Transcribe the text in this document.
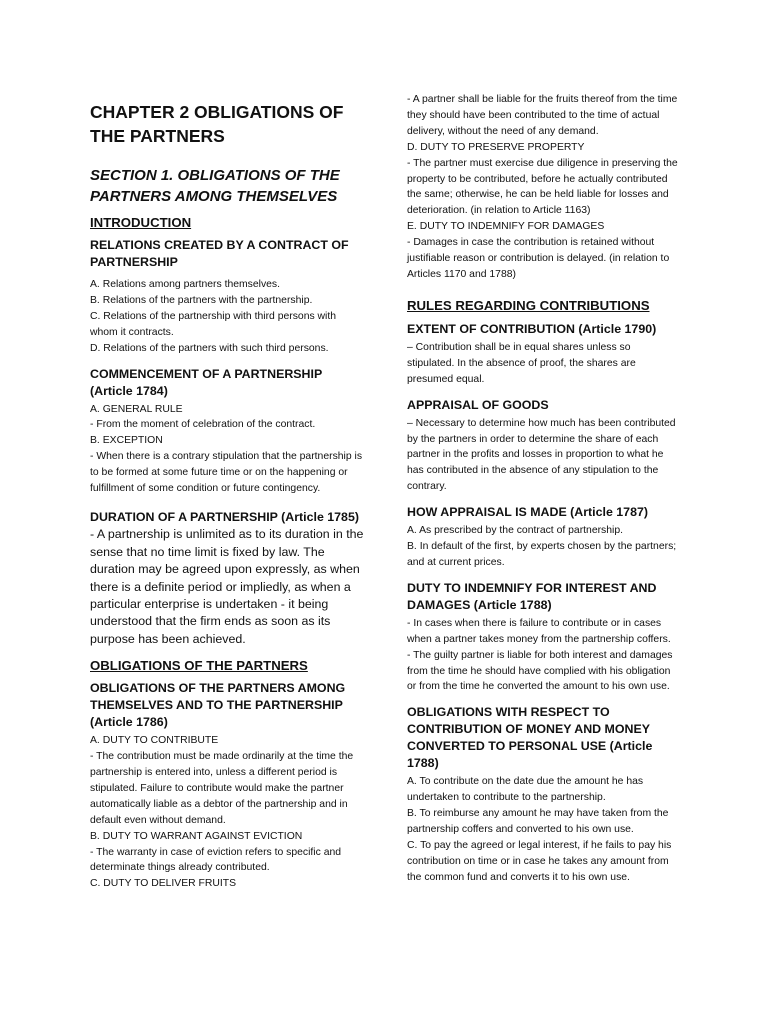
CHAPTER 2 OBLIGATIONS OF
THE PARTNERS
SECTION 1. OBLIGATIONS OF THE PARTNERS AMONG THEMSELVES
INTRODUCTION
RELATIONS CREATED BY A CONTRACT OF PARTNERSHIP

A. Relations among partners themselves.

B. Relations of the partners with the partnership.

C. Relations of the partnership with third persons with whom it contracts.

D. Relations of the partners with such third persons.

COMMENCEMENT OF A PARTNERSHIP (Article 1784)

A. GENERAL RULE

- From the moment of celebration of the contract.

B. EXCEPTION

- When there is a contrary stipulation that the partnership is to be formed at some future time or on the happening or fulfillment of some condition or future contingency.

DURATION OF A PARTNERSHIP (Article 1785) - A partnership is unlimited as to its duration in the sense that no time limit is fixed by law. The duration may be agreed upon expressly, as when there is a definite period or impliedly, as when a particular enterprise is undertaken - it being understood that the firm ends as soon as its purpose has been achieved.

OBLIGATIONS OF THE PARTNERS
OBLIGATIONS OF THE PARTNERS AMONG THEMSELVES AND TO THE PARTNERSHIP (Article 1786)

A. DUTY TO CONTRIBUTE

- The contribution must be made ordinarily at the time the partnership is entered into, unless a different period is stipulated. Failure to contribute would make the partner automatically liable as a debtor of the partnership and in default even without demand.

B. DUTY TO WARRANT AGAINST EVICTION

- The warranty in case of eviction refers to specific and determinate things already contributed.

C. DUTY TO DELIVER FRUITS

- A partner shall be liable for the fruits thereof from the time they should have been contributed to the time of actual delivery, without the need of any demand.

D. DUTY TO PRESERVE PROPERTY

- The partner must exercise due diligence in preserving the property to be contributed, before he actually contributed the same; otherwise, he can be held liable for losses and deterioration. (in relation to Article 1163)

E. DUTY TO INDEMNIFY FOR DAMAGES

- Damages in case the contribution is retained without justifiable reason or contribution is delayed. (in relation to Articles 1170 and 1788)

RULES REGARDING CONTRIBUTIONS
EXTENT OF CONTRIBUTION (Article 1790)

– Contribution shall be in equal shares unless so stipulated. In the absence of proof, the shares are presumed equal.

APPRAISAL OF GOODS

– Necessary to determine how much has been contributed by the partners in order to determine the share of each partner in the profits and losses in proportion to what he has contributed in the absence of any stipulation to the contrary.

HOW APPRAISAL IS MADE (Article 1787)

A. As prescribed by the contract of partnership.

B. In default of the first, by experts chosen by the partners; and at current prices.

DUTY TO INDEMNIFY FOR INTEREST AND DAMAGES (Article 1788)

- In cases when there is failure to contribute or in cases when a partner takes money from the partnership coffers.

- The guilty partner is liable for both interest and damages from the time he should have complied with his obligation or from the time he converted the amount to his own use.

OBLIGATIONS WITH RESPECT TO CONTRIBUTION OF MONEY AND MONEY CONVERTED TO PERSONAL USE (Article 1788)

A. To contribute on the date due the amount he has undertaken to contribute to the partnership.

B. To reimburse any amount he may have taken from the partnership coffers and converted to his own use.

C. To pay the agreed or legal interest, if he fails to pay his contribution on time or in case he takes any amount from the common fund and converts it to his own use.
